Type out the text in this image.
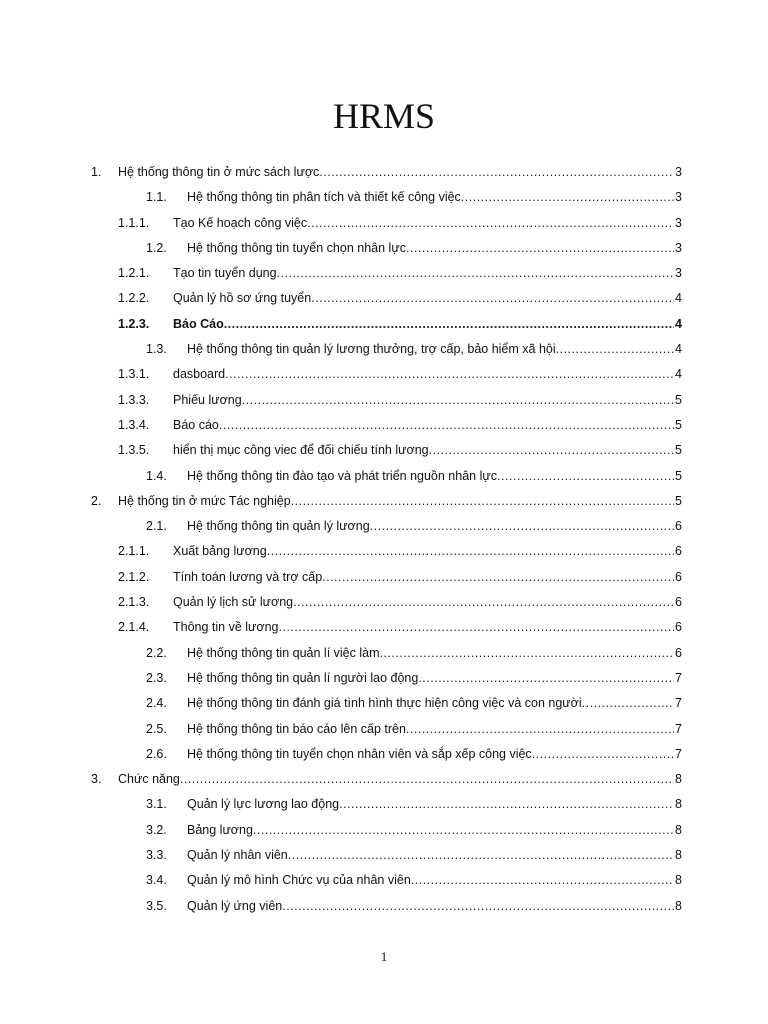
HRMS
1. Hệ thống thông tin ở mức sách lược .....	3
1.1. Hệ thống thông tin phân tích và thiết kế công việc .....	3
1.1.1. Tạo Kế hoạch công việc .....	3
1.2. Hệ thống thông tin tuyển chọn nhân lực .....	3
1.2.1. Tạo tin tuyển dụng .....	3
1.2.2. Quản lý hồ sơ ứng tuyển .....	4
1.2.3. Báo Cáo .....	4
1.3. Hệ thống thông tin quản lý lương thưởng, trợ cấp, bảo hiểm xã hội .....	4
1.3.1. dasboard .....	4
1.3.3. Phiếu lương .....	5
1.3.4. Báo cáo .....	5
1.3.5. hiển thị mục công viec để đối chiếu tính lương .....	5
1.4. Hệ thống thông tin đào tạo và phát triển nguồn nhân lực .....	5
2. Hệ thống tin ở mức Tác nghiệp .....	5
2.1. Hệ thống thông tin quản lý lương .....	6
2.1.1. Xuất bảng lương .....	6
2.1.2. Tính toán lương và trợ cấp .....	6
2.1.3. Quản lý lịch sử lương .....	6
2.1.4. Thông tin về lương .....	6
2.2. Hệ thống thông tin quản lí việc làm .....	6
2.3. Hệ thống thông tin quản lí người lao động .....	7
2.4. Hệ thống thông tin đánh giá tình hình thực hiện công việc và con người .....	7
2.5. Hệ thống thông tin báo cáo lên cấp trên .....	7
2.6. Hệ thống thông tin tuyển chọn nhân viên và sắp xếp công việc .....	7
3. Chức năng .....	8
3.1. Quản lý lực lương lao động .....	8
3.2. Bảng lương .....	8
3.3. Quản lý nhân viên .....	8
3.4. Quản lý mô hình Chức vụ của nhân viên .....	8
3.5. Quản lý ứng viên .....	8
1
